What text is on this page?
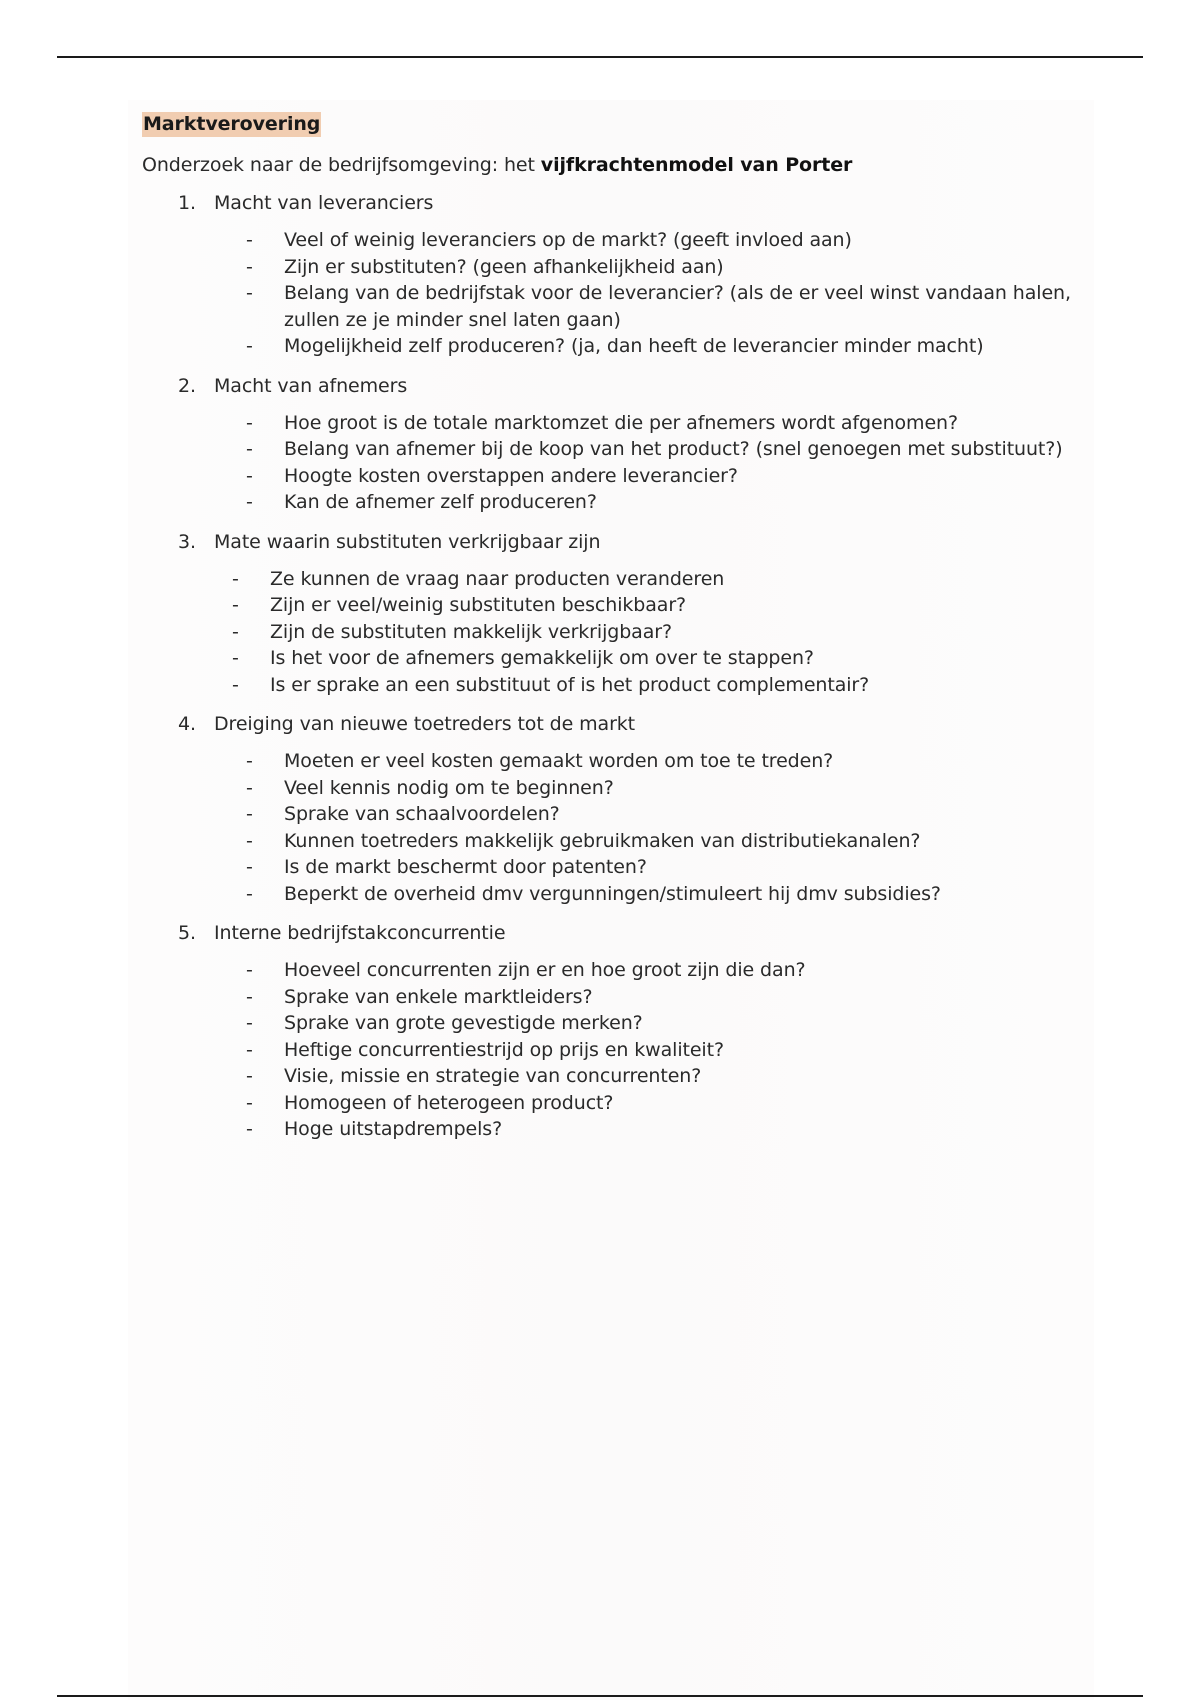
Marktverovering

Onderzoek naar de bedrijfsomgeving: het vijfkrachtenmodel van Porter

1. Macht van leveranciers
-	Veel of weinig leveranciers op de markt? (geeft invloed aan)
-	Zijn er substituten? (geen afhankelijkheid aan)
-	Belang van de bedrijfstak voor de leverancier? (als de er veel winst vandaan halen, zullen ze je minder snel laten gaan)
-	Mogelijkheid zelf produceren? (ja, dan heeft de leverancier minder macht)
2. Macht van afnemers
-	Hoe groot is de totale marktomzet die per afnemers wordt afgenomen?
-	Belang van afnemer bij de koop van het product? (snel genoegen met substituut?)
-	Hoogte kosten overstappen andere leverancier?
-	Kan de afnemer zelf produceren?
3. Mate waarin substituten verkrijgbaar zijn
-	Ze kunnen de vraag naar producten veranderen
-	Zijn er veel/weinig substituten beschikbaar?
-	Zijn de substituten makkelijk verkrijgbaar?
-	Is het voor de afnemers gemakkelijk om over te stappen?
-	Is er sprake an een substituut of is het product complementair?
4. Dreiging van nieuwe toetreders tot de markt
-	Moeten er veel kosten gemaakt worden om toe te treden?
-	Veel kennis nodig om te beginnen?
-	Sprake van schaalvoordelen?
-	Kunnen toetreders makkelijk gebruikmaken van distributiekanalen?
-	Is de markt beschermt door patenten?
-	Beperkt de overheid dmv vergunningen/stimuleert hij dmv subsidies?
5. Interne bedrijfstakconcurrentie
-	Hoeveel concurrenten zijn er en hoe groot zijn die dan?
-	Sprake van enkele marktleiders?
-	Sprake van grote gevestigde merken?
-	Heftige concurrentiestrijd op prijs en kwaliteit?
-	Visie, missie en strategie van concurrenten?
-	Homogeen of heterogeen product?
-	Hoge uitstapdrempels?
